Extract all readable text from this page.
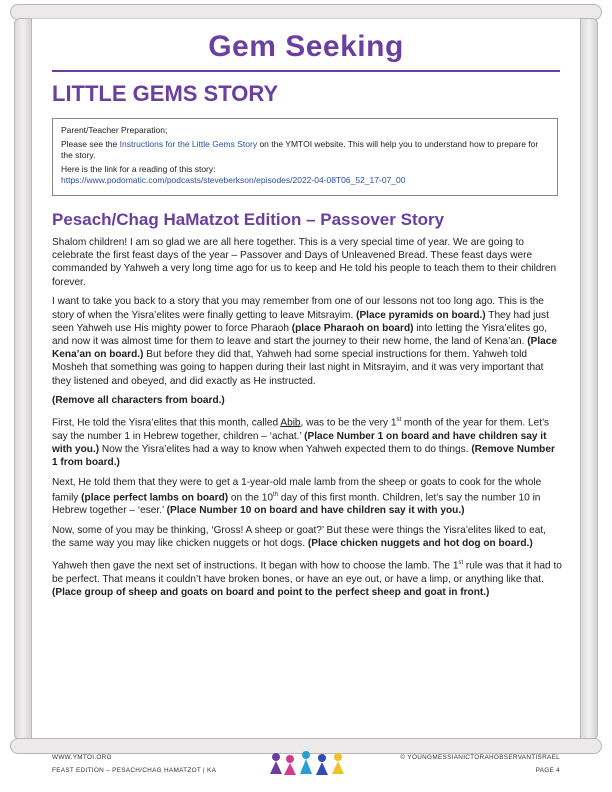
Gem Seeking
LITTLE GEMS STORY

Parent/Teacher Preparation;

Please see the Instructions for the Little Gems Story on the YMTOI website. This will help you to understand how to prepare for the story.

Here is the link for a reading of this story:

https://www.podomatic.com/podcasts/steveberkson/episodes/2022-04-08T06_52_17-07_00

Pesach/Chag HaMatzot Edition – Passover Story

Shalom children! I am so glad we are all here together. This is a very special time of year. We are going to celebrate the first feast days of the year – Passover and Days of Unleavened Bread. These feast days were commanded by Yahweh a very long time ago for us to keep and He told his people to teach them to their children forever.

I want to take you back to a story that you may remember from one of our lessons not too long ago. This is the story of when the Yisra’elites were finally getting to leave Mitsrayim. (Place pyramids on board.) They had just seen Yahweh use His mighty power to force Pharaoh (place Pharaoh on board) into letting the Yisra’elites go, and now it was almost time for them to leave and start the journey to their new home, the land of Kena’an. (Place Kena’an on board.) But before they did that, Yahweh had some special instructions for them. Yahweh told Mosheh that something was going to happen during their last night in Mitsrayim, and it was very important that they listened and obeyed, and did exactly as He instructed.

(Remove all characters from board.)

First, He told the Yisra’elites that this month, called Abib, was to be the very 1st month of the year for them. Let’s say the number 1 in Hebrew together, children – ‘achat.’ (Place Number 1 on board and have children say it with you.) Now the Yisra’elites had a way to know when Yahweh expected them to do things. (Remove Number 1 from board.)

Next, He told them that they were to get a 1-year-old male lamb from the sheep or goats to cook for the whole family (place perfect lambs on board) on the 10th day of this first month. Children, let’s say the number 10 in Hebrew together – ‘eser.’ (Place Number 10 on board and have children say it with you.)

Now, some of you may be thinking, ‘Gross! A sheep or goat?’ But these were things the Yisra’elites liked to eat, the same way you may like chicken nuggets or hot dogs. (Place chicken nuggets and hot dog on board.)

Yahweh then gave the next set of instructions. It began with how to choose the lamb. The 1st rule was that it had to be perfect. That means it couldn’t have broken bones, or have an eye out, or have a limp, or anything like that. (Place group of sheep and goats on board and point to the perfect sheep and goat in front.)

WWW.YMTOI.ORG
FEAST EDITION – PESACH/CHAG HAMATZOT | KA
© YOUNGMESSIANICTORAHOBSERVANTISRAEL
PAGE 4
